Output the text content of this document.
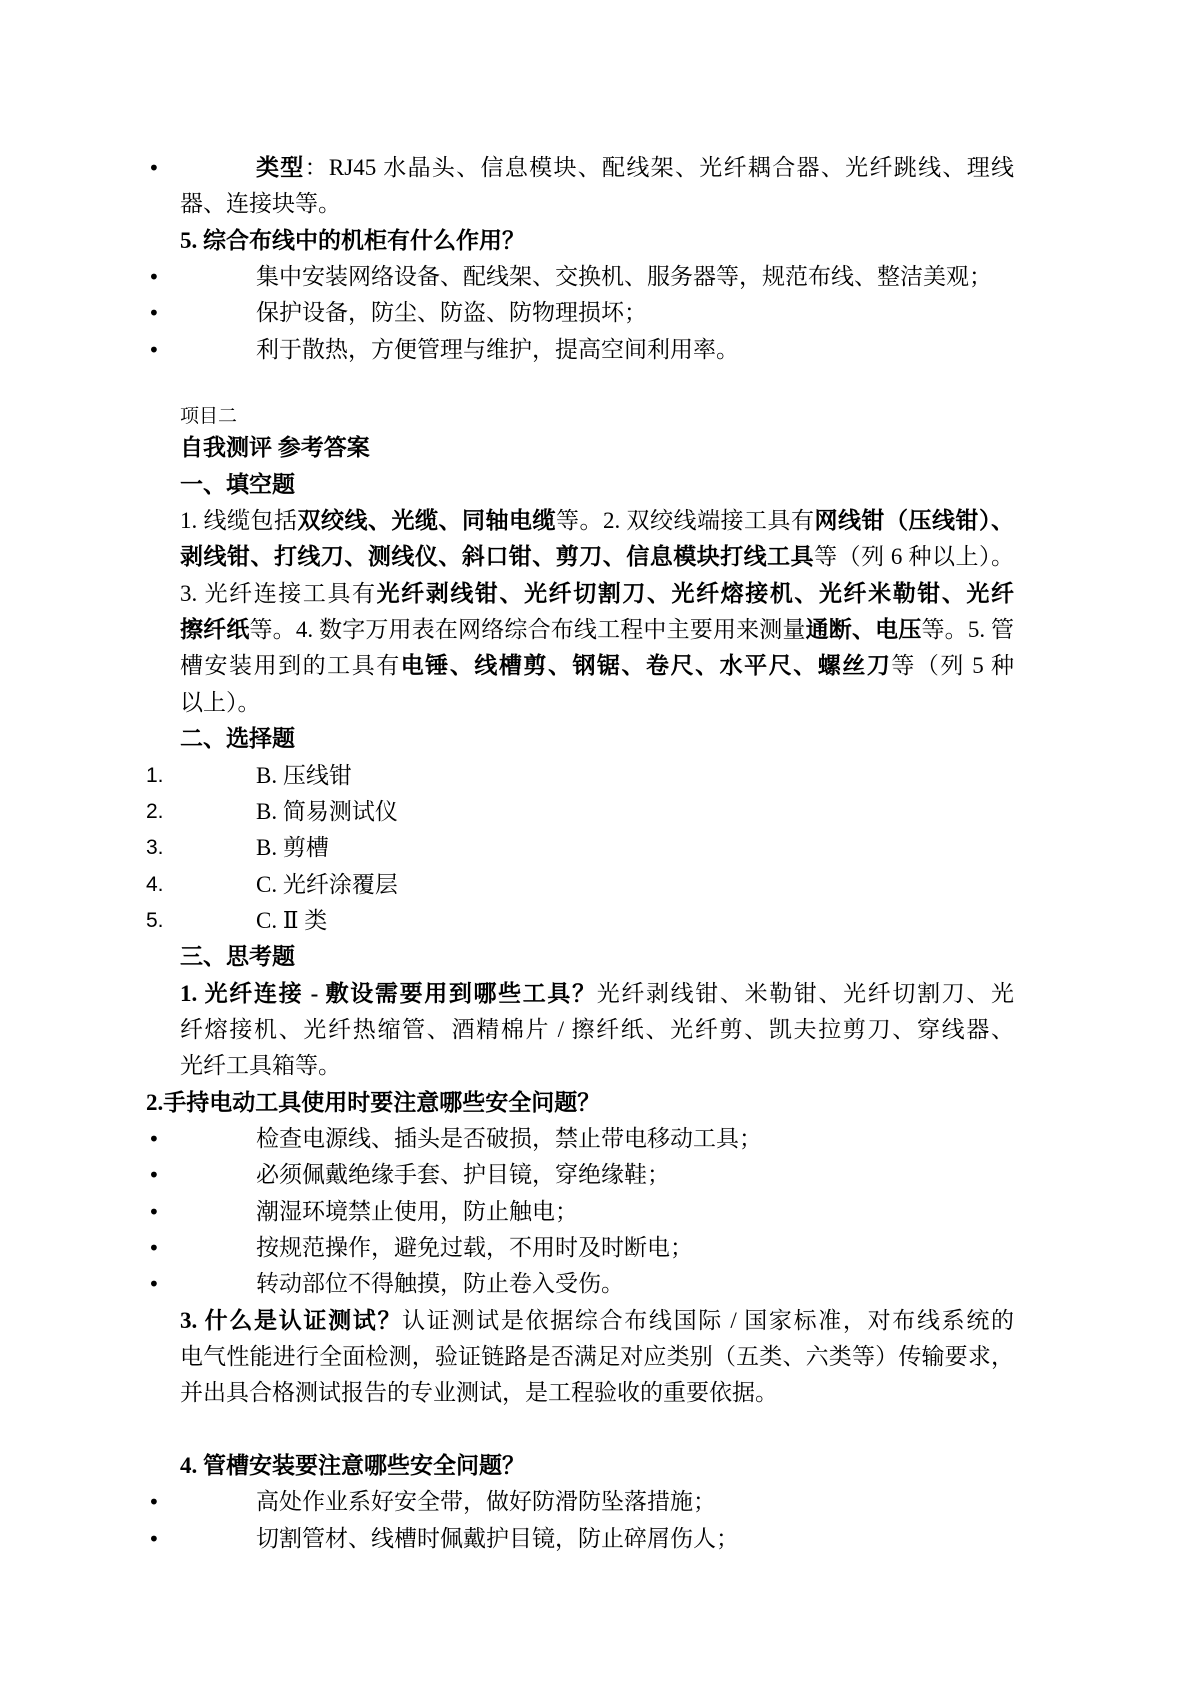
•	类型：RJ45 水晶头、信息模块、配线架、光纤耦合器、光纤跳线、理线
器、连接块等。
5. 综合布线中的机柜有什么作用？
•	集中安装网络设备、配线架、交换机、服务器等，规范布线、整洁美观；
•	保护设备，防尘、防盗、防物理损坏；
•	利于散热，方便管理与维护，提高空间利用率。
项目二
自我测评 参考答案
一、填空题
1. 线缆包括双绞线、光缆、同轴电缆等。2. 双绞线端接工具有网线钳（压线钳）、
剥线钳、打线刀、测线仪、斜口钳、剪刀、信息模块打线工具等（列 6 种以上）。
3. 光纤连接工具有光纤剥线钳、光纤切割刀、光纤熔接机、光纤米勒钳、光纤
擦纤纸等。4. 数字万用表在网络综合布线工程中主要用来测量通断、电压等。5. 管
槽安装用到的工具有电锤、线槽剪、钢锯、卷尺、水平尺、螺丝刀等（列 5 种
以上）。
二、选择题
1.	B. 压线钳
2.	B. 简易测试仪
3.	B. 剪槽
4.	C. 光纤涂覆层
5.	C. Ⅱ 类
三、思考题
1. 光纤连接 - 敷设需要用到哪些工具？光纤剥线钳、米勒钳、光纤切割刀、光
纤熔接机、光纤热缩管、酒精棉片 / 擦纤纸、光纤剪、凯夫拉剪刀、穿线器、
光纤工具箱等。
2.手持电动工具使用时要注意哪些安全问题？
•	检查电源线、插头是否破损，禁止带电移动工具；
•	必须佩戴绝缘手套、护目镜，穿绝缘鞋；
•	潮湿环境禁止使用，防止触电；
•	按规范操作，避免过载，不用时及时断电；
•	转动部位不得触摸，防止卷入受伤。
3. 什么是认证测试？认证测试是依据综合布线国际 / 国家标准，对布线系统的
电气性能进行全面检测，验证链路是否满足对应类别（五类、六类等）传输要求，
并出具合格测试报告的专业测试，是工程验收的重要依据。
4. 管槽安装要注意哪些安全问题？
•	高处作业系好安全带，做好防滑防坠落措施；
•	切割管材、线槽时佩戴护目镜，防止碎屑伤人；
